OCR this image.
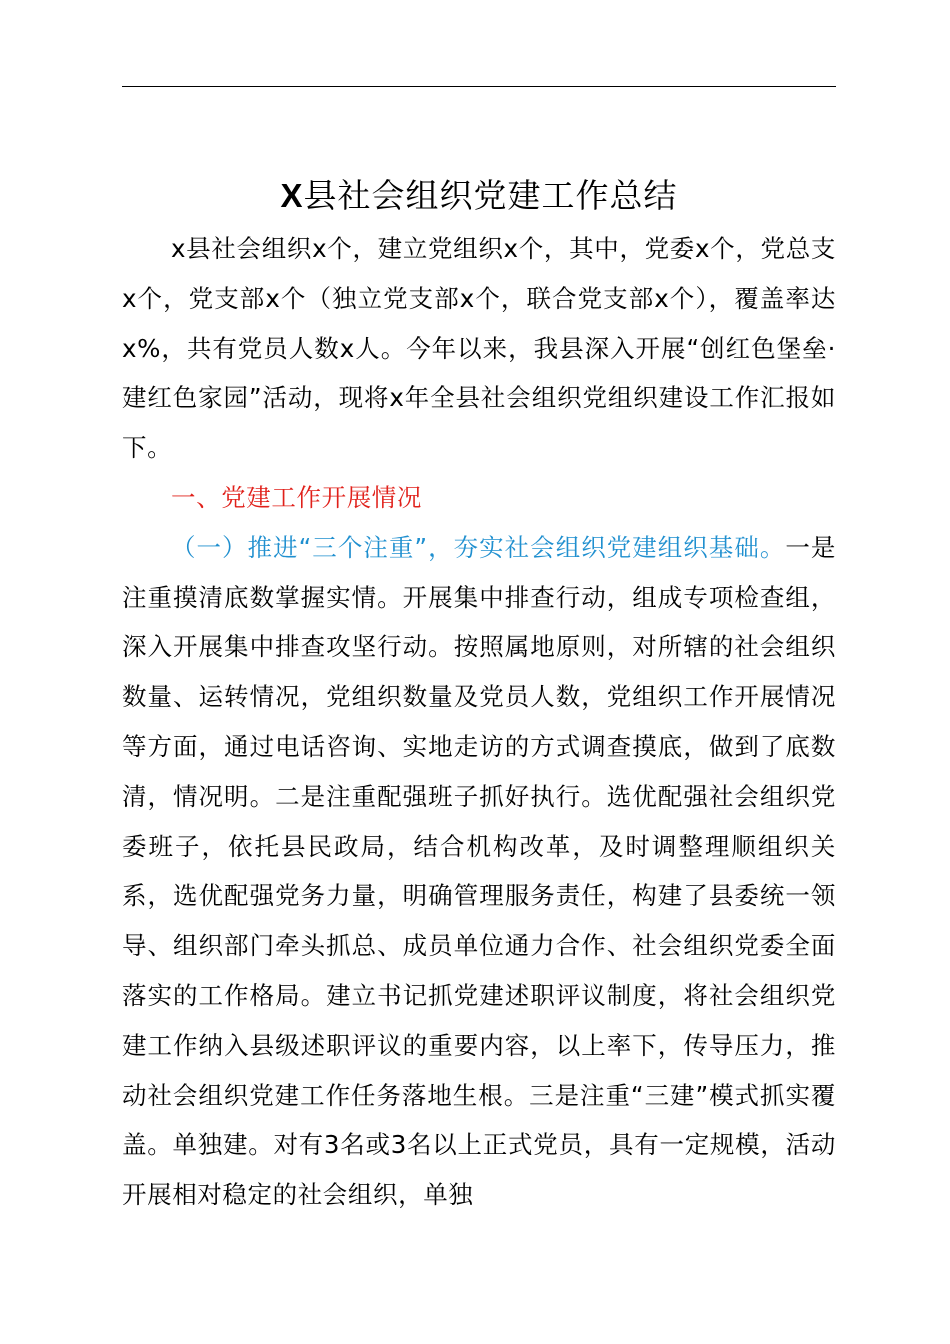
X县社会组织党建工作总结

x县社会组织x个，建立党组织x个，其中，党委x个，党总支x个，党支部x个（独立党支部x个，联合党支部x个），覆盖率达x%，共有党员人数x人。今年以来，我县深入开展“创红色堡垒·建红色家园”活动，现将x年全县社会组织党组织建设工作汇报如下。

一、党建工作开展情况

（一）推进“三个注重”，夯实社会组织党建组织基础。一是注重摸清底数掌握实情。开展集中排查行动，组成专项检查组，深入开展集中排查攻坚行动。按照属地原则，对所辖的社会组织数量、运转情况，党组织数量及党员人数，党组织工作开展情况等方面，通过电话咨询、实地走访的方式调查摸底，做到了底数清，情况明。二是注重配强班子抓好执行。选优配强社会组织党委班子，依托县民政局，结合机构改革，及时调整理顺组织关系，选优配强党务力量，明确管理服务责任，构建了县委统一领导、组织部门牵头抓总、成员单位通力合作、社会组织党委全面落实的工作格局。建立书记抓党建述职评议制度，将社会组织党建工作纳入县级述职评议的重要内容，以上率下，传导压力，推动社会组织党建工作任务落地生根。三是注重“三建”模式抓实覆盖。单独建。对有3名或3名以上正式党员，具有一定规模，活动开展相对稳定的社会组织，单独
